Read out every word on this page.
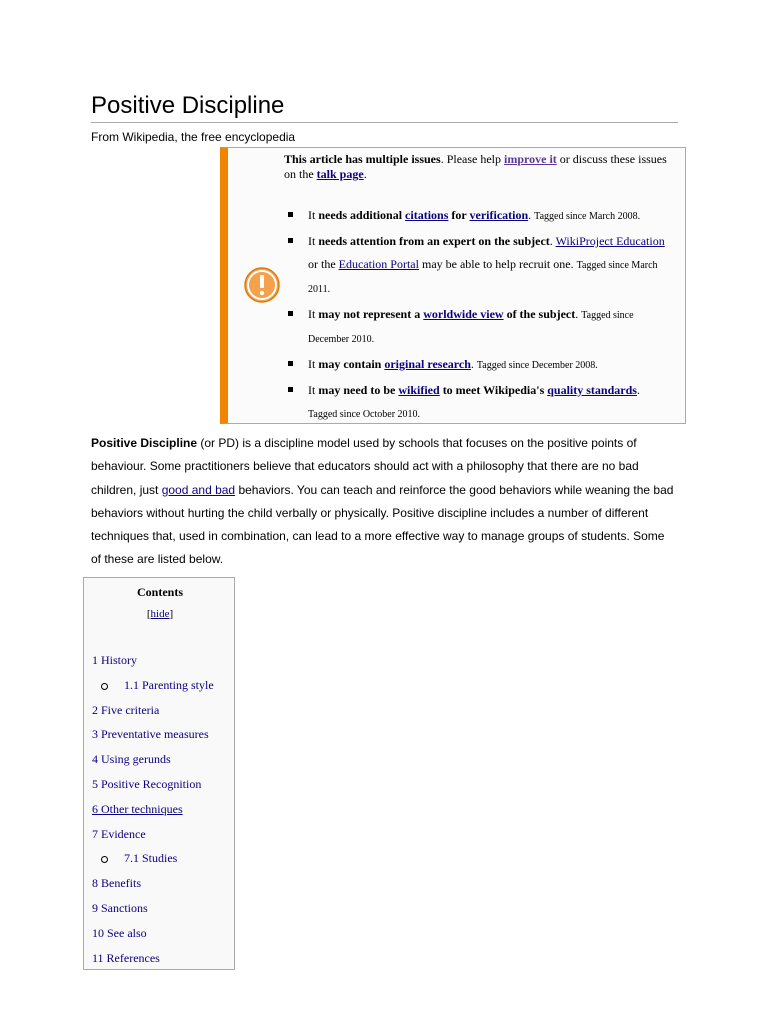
Positive Discipline
From Wikipedia, the free encyclopedia
This article has multiple issues. Please help improve it or discuss these issues on the talk page.
It needs additional citations for verification. Tagged since March 2008.
It needs attention from an expert on the subject. WikiProject Education or the Education Portal may be able to help recruit one. Tagged since March 2011.
It may not represent a worldwide view of the subject. Tagged since December 2010.
It may contain original research. Tagged since December 2008.
It may need to be wikified to meet Wikipedia's quality standards. Tagged since October 2010.

Positive Discipline (or PD) is a discipline model used by schools that focuses on the positive points of behaviour. Some practitioners believe that educators should act with a philosophy that there are no bad children, just good and bad behaviors. You can teach and reinforce the good behaviors while weaning the bad behaviors without hurting the child verbally or physically. Positive discipline includes a number of different techniques that, used in combination, can lead to a more effective way to manage groups of students. Some of these are listed below.

Contents
[hide]
1 History
1.1 Parenting style
2 Five criteria
3 Preventative measures
4 Using gerunds
5 Positive Recognition
6 Other techniques
7 Evidence
7.1 Studies
8 Benefits
9 Sanctions
10 See also
11 References
